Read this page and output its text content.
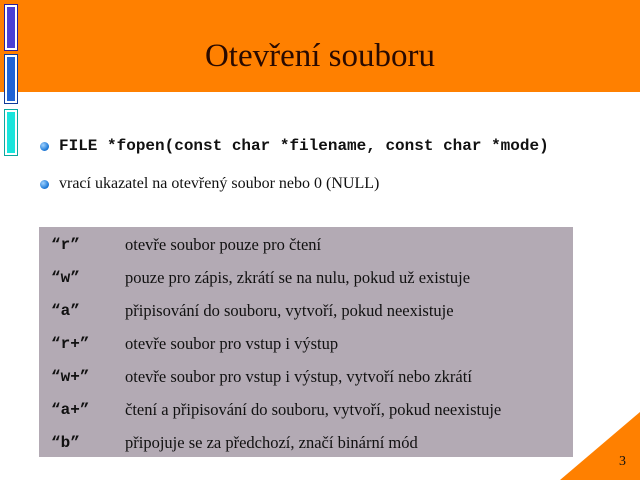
Otevření souboru
FILE *fopen(const char *filename, const char *mode)
vrací ukazatel na otevřený soubor nebo 0 (NULL)
“r”	otevře soubor pouze pro čtení
“w”	pouze pro zápis, zkrátí se na nulu, pokud už existuje
“a”	připisování do souboru, vytvoří, pokud neexistuje
“r+”	otevře soubor pro vstup i výstup
“w+”	otevře soubor pro vstup i výstup, vytvoří nebo zkrátí
“a+”	čtení a připisování do souboru, vytvoří, pokud neexistuje
“b”	připojuje se za předchozí, značí binární mód
3
